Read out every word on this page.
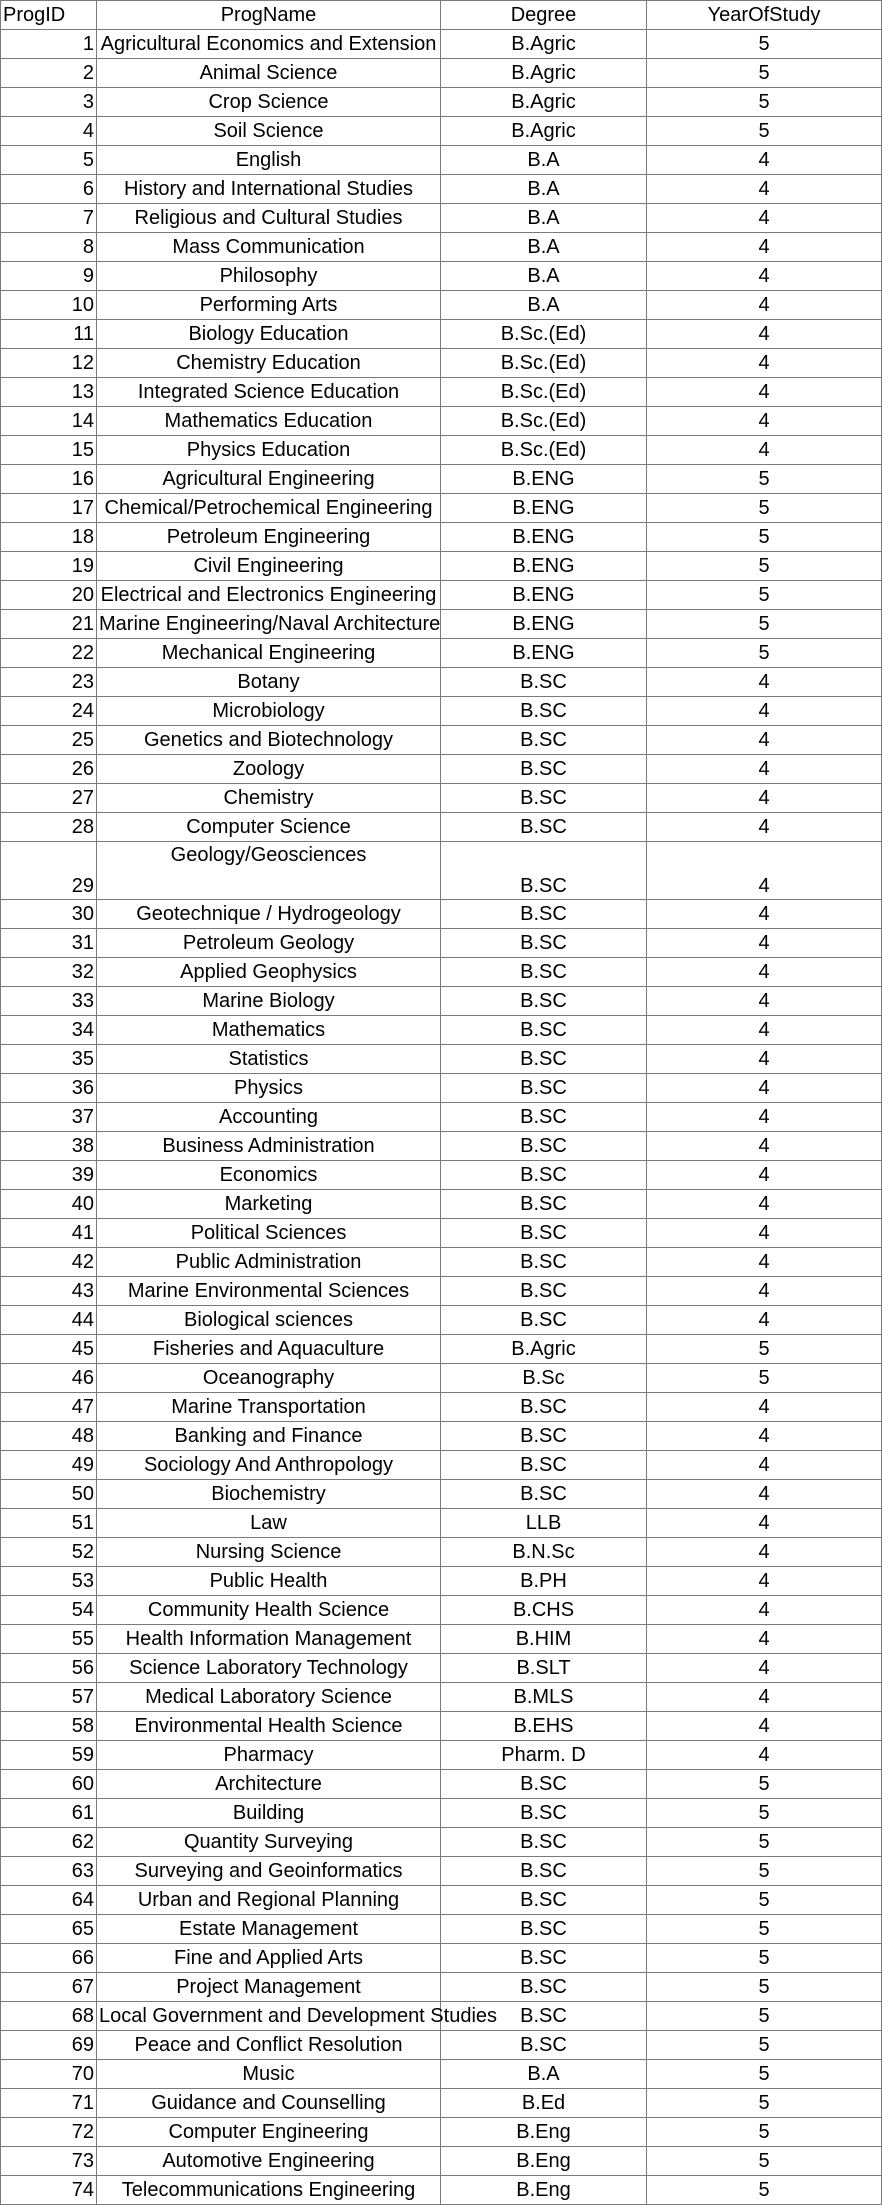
ProgID	ProgName	Degree	YearOfStudy
1	Agricultural Economics and Extension	B.Agric	5
2	Animal Science	B.Agric	5
3	Crop Science	B.Agric	5
4	Soil Science	B.Agric	5
5	English	B.A	4
6	History and International Studies	B.A	4
7	Religious and Cultural Studies	B.A	4
8	Mass Communication	B.A	4
9	Philosophy	B.A	4
10	Performing Arts	B.A	4
11	Biology Education	B.Sc.(Ed)	4
12	Chemistry Education	B.Sc.(Ed)	4
13	Integrated Science Education	B.Sc.(Ed)	4
14	Mathematics Education	B.Sc.(Ed)	4
15	Physics Education	B.Sc.(Ed)	4
16	Agricultural Engineering	B.ENG	5
17	Chemical/Petrochemical Engineering	B.ENG	5
18	Petroleum Engineering	B.ENG	5
19	Civil Engineering	B.ENG	5
20	Electrical and Electronics Engineering	B.ENG	5
21	Marine Engineering/Naval Architecture	B.ENG	5
22	Mechanical Engineering	B.ENG	5
23	Botany	B.SC	4
24	Microbiology	B.SC	4
25	Genetics and Biotechnology	B.SC	4
26	Zoology	B.SC	4
27	Chemistry	B.SC	4
28	Computer Science	B.SC	4
29	Geology/Geosciences	B.SC	4
30	Geotechnique / Hydrogeology	B.SC	4
31	Petroleum Geology	B.SC	4
32	Applied Geophysics	B.SC	4
33	Marine Biology	B.SC	4
34	Mathematics	B.SC	4
35	Statistics	B.SC	4
36	Physics	B.SC	4
37	Accounting	B.SC	4
38	Business Administration	B.SC	4
39	Economics	B.SC	4
40	Marketing	B.SC	4
41	Political Sciences	B.SC	4
42	Public Administration	B.SC	4
43	Marine Environmental Sciences	B.SC	4
44	Biological sciences	B.SC	4
45	Fisheries and Aquaculture	B.Agric	5
46	Oceanography	B.Sc	5
47	Marine Transportation	B.SC	4
48	Banking and Finance	B.SC	4
49	Sociology And Anthropology	B.SC	4
50	Biochemistry	B.SC	4
51	Law	LLB	4
52	Nursing Science	B.N.Sc	4
53	Public Health	B.PH	4
54	Community Health Science	B.CHS	4
55	Health Information Management	B.HIM	4
56	Science Laboratory Technology	B.SLT	4
57	Medical Laboratory Science	B.MLS	4
58	Environmental Health Science	B.EHS	4
59	Pharmacy	Pharm. D	4
60	Architecture	B.SC	5
61	Building	B.SC	5
62	Quantity Surveying	B.SC	5
63	Surveying and Geoinformatics	B.SC	5
64	Urban and Regional Planning	B.SC	5
65	Estate Management	B.SC	5
66	Fine and Applied Arts	B.SC	5
67	Project Management	B.SC	5
68	Local Government and Development Studies	B.SC	5
69	Peace and Conflict Resolution	B.SC	5
70	Music	B.A	5
71	Guidance and Counselling	B.Ed	5
72	Computer Engineering	B.Eng	5
73	Automotive Engineering	B.Eng	5
74	Telecommunications Engineering	B.Eng	5
